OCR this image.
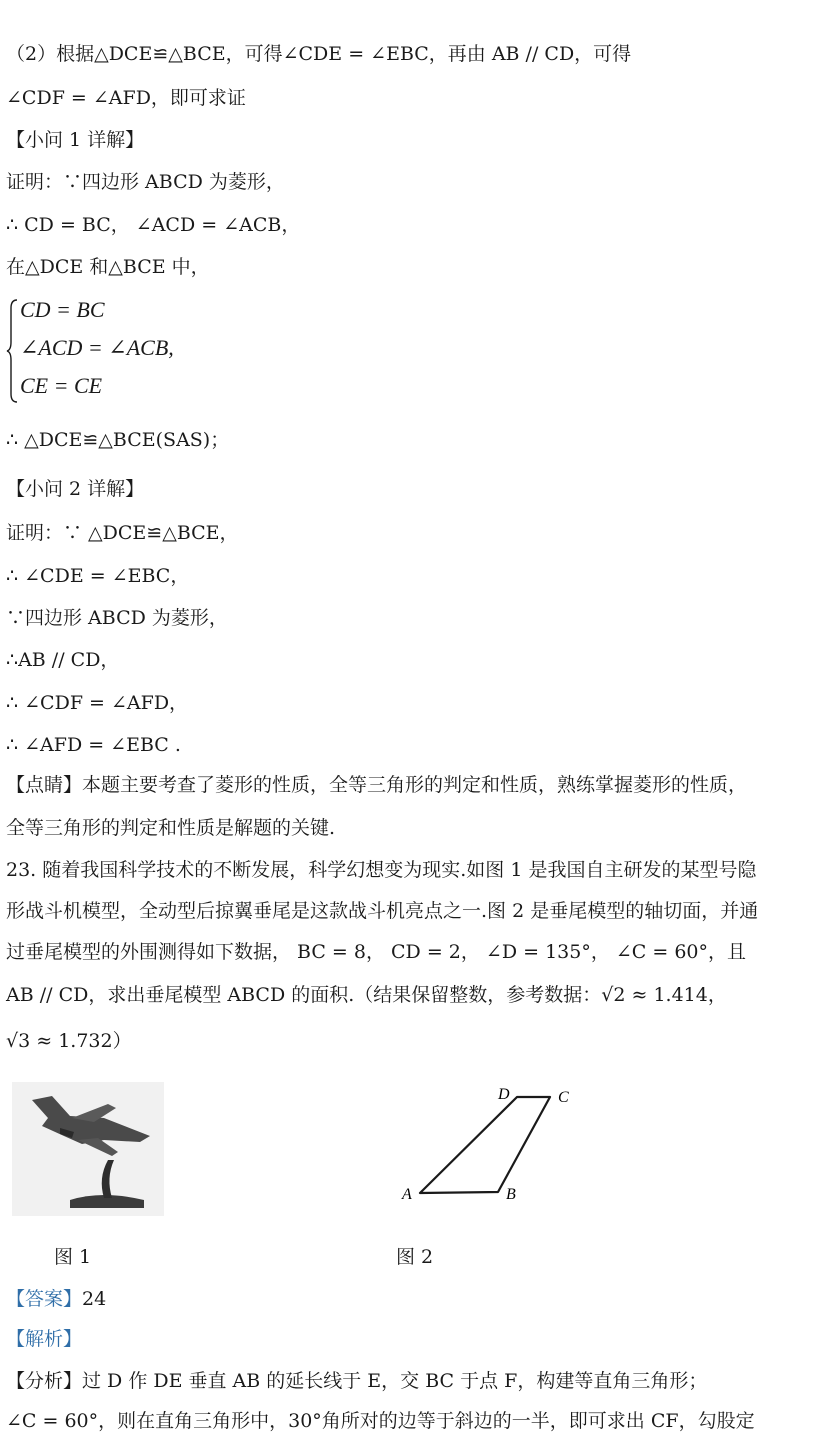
（2）根据△DCE≌△BCE，可得∠CDE = ∠EBC，再由 AB // CD，可得
∠CDF = ∠AFD，即可求证
【小问 1 详解】
证明：∵四边形 ABCD 为菱形，
∴ CD = BC， ∠ACD = ∠ACB，
在△DCE 和△BCE 中，
CD = BC
∠ACD = ∠ACB,
CE = CE
∴ △DCE≌△BCE(SAS)；
【小问 2 详解】
证明：∵ △DCE≌△BCE，
∴ ∠CDE = ∠EBC，
∵四边形 ABCD 为菱形，
∴AB // CD，
∴ ∠CDF = ∠AFD，
∴ ∠AFD = ∠EBC .
【点睛】本题主要考查了菱形的性质，全等三角形的判定和性质，熟练掌握菱形的性质，
全等三角形的判定和性质是解题的关键.
23. 随着我国科学技术的不断发展，科学幻想变为现实.如图 1 是我国自主研发的某型号隐
形战斗机模型，全动型后掠翼垂尾是这款战斗机亮点之一.图 2 是垂尾模型的轴切面，并通
过垂尾模型的外围测得如下数据， BC = 8， CD = 2， ∠D = 135°， ∠C = 60°，且
AB // CD，求出垂尾模型 ABCD 的面积.（结果保留整数，参考数据：√2 ≈ 1.414，
√3 ≈ 1.732）
A	B
C
D
图 1	图 2
【答案】24
【解析】
【分析】过 D 作 DE 垂直 AB 的延长线于 E，交 BC 于点 F，构建等直角三角形；
∠C = 60°，则在直角三角形中，30°角所对的边等于斜边的一半，即可求出 CF，勾股定
